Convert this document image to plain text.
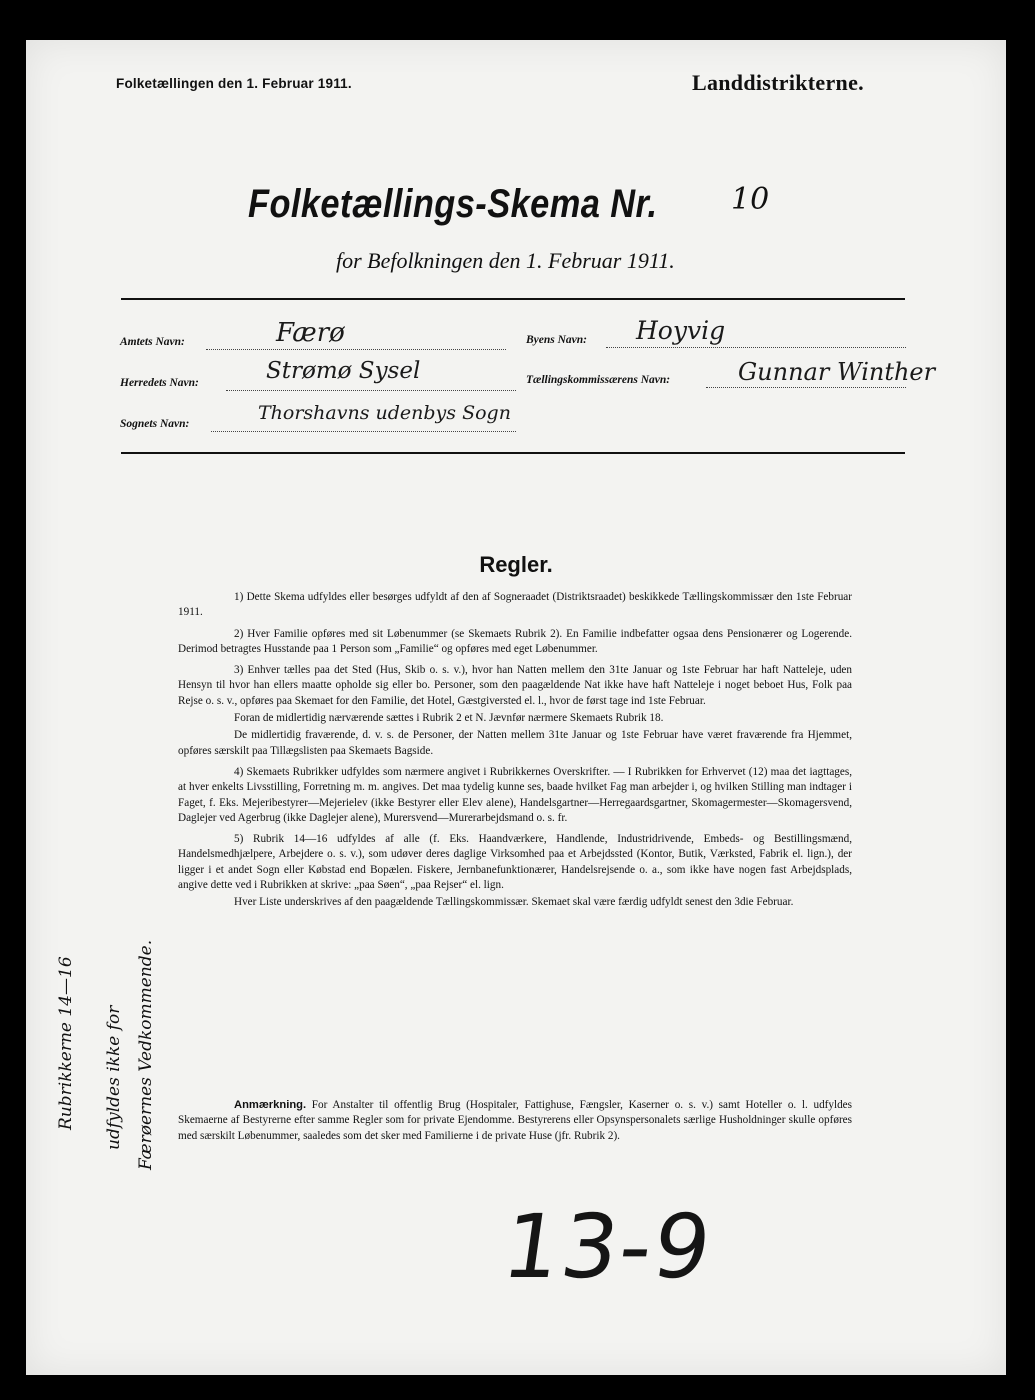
Folketællingen den 1. Februar 1911.	Landdistrikterne.
Folketællings-Skema Nr. 10
for Befolkningen den 1. Februar 1911.
Amtets Navn:	Færø
Herredets Navn:	Strømø Sysel
Sognets Navn:	Thorshavns udenbys Sogn
Byens Navn: Hoyvig
Tællingskommissærens Navn:	Gunnar Winther
Regler.

1) Dette Skema udfyldes eller besørges udfyldt af den af Sogneraadet (Distriktsraadet) beskikkede Tællingskommissær den 1ste Februar 1911.

2) Hver Familie opføres med sit Løbenummer (se Skemaets Rubrik 2). En Familie indbefatter ogsaa dens Pensionærer og Logerende. Derimod betragtes Husstande paa 1 Person som „Familie“ og opføres med eget Løbenummer.

3) Enhver tælles paa det Sted (Hus, Skib o. s. v.), hvor han Natten mellem den 31te Januar og 1ste Februar har haft Natteleje, uden Hensyn til hvor han ellers maatte opholde sig eller bo. Personer, som den paagældende Nat ikke have haft Natteleje i noget beboet Hus, Folk paa Rejse o. s. v., opføres paa Skemaet for den Familie, det Hotel, Gæstgiversted el. l., hvor de først tage ind 1ste Februar.

Foran de midlertidig nærværende sættes i Rubrik 2 et N. Jævnfør nærmere Skemaets Rubrik 18.

De midlertidig fraværende, d. v. s. de Personer, der Natten mellem 31te Januar og 1ste Februar have været fraværende fra Hjemmet, opføres særskilt paa Tillægslisten paa Skemaets Bagside.

4) Skemaets Rubrikker udfyldes som nærmere angivet i Rubrikkernes Overskrifter. — I Rubrikken for Erhvervet (12) maa det iagttages, at hver enkelts Livsstilling, Forretning m. m. angives. Det maa tydelig kunne ses, baade hvilket Fag man arbejder i, og hvilken Stilling man indtager i Faget, f. Eks. Mejeribestyrer—Mejerielev (ikke Bestyrer eller Elev alene), Handelsgartner—Herregaardsgartner, Skomagermester—Skomagersvend, Daglejer ved Agerbrug (ikke Daglejer alene), Murersvend—Murerarbejdsmand o. s. fr.

5) Rubrik 14—16 udfyldes af alle (f. Eks. Haandværkere, Handlende, Industridrivende, Embeds- og Bestillingsmænd, Handelsmedhjælpere, Arbejdere o. s. v.), som udøver deres daglige Virksomhed paa et Arbejdssted (Kontor, Butik, Værksted, Fabrik el. lign.), der ligger i et andet Sogn eller Købstad end Bopælen. Fiskere, Jernbanefunktionærer, Handelsrejsende o. a., som ikke have nogen fast Arbejdsplads, angive dette ved i Rubrikken at skrive: „paa Søen“, „paa Rejser“ el. lign.

Hver Liste underskrives af den paagældende Tællingskommissær. Skemaet skal være færdig udfyldt senest den 3die Februar.

Anmærkning. For Anstalter til offentlig Brug (Hospitaler, Fattighuse, Fængsler, Kaserner o. s. v.) samt Hoteller o. l. udfyldes Skemaerne af Bestyrerne efter samme Regler som for private Ejendomme. Bestyrerens eller Opsynspersonalets særlige Husholdninger skulle opføres med særskilt Løbenummer, saaledes som det sker med Familierne i de private Huse (jfr. Rubrik 2).
Rubrikkerne 14—16 udfyldes ikke for Færøernes Vedkommende.
13-9
